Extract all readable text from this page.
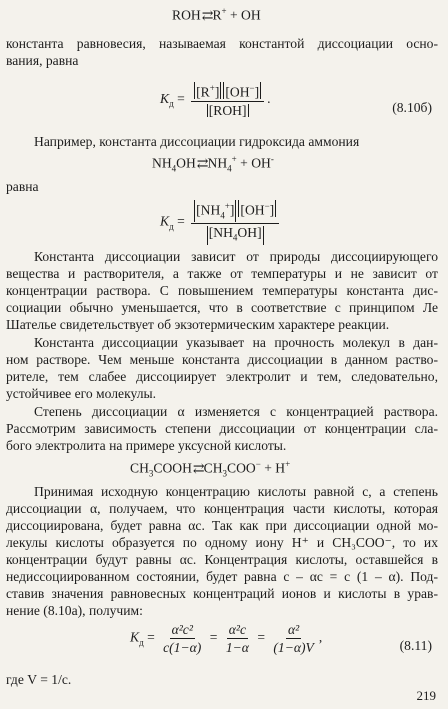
ROH⇄R+ + OH
константа равновесия, называемая константой диссоциации осно-
вания, равна
$K_д = \frac{[R^+] [OH^-]}{\text{[ROH]}}$ .
(8.10б)
Например, константа диссоциации гидроксида аммония
$NH_4OH⇄NH_4^+ + OH^-$
равна
$K_д = \frac{[NH_4^+] [OH^-]}{[NH_4OH]}$
Константа диссоциации зависит от природы диссоциирующего
вещества и растворителя, а также от температуры и не зависит от
концентрации раствора. С повышением температуры константа дис-
социации обычно уменьшается, что в соответствие с принципом Ле
Шателье свидетельствует об экзотермическим характере реакции.
Константа диссоциации указывает на прочность молекул в дан-
ном растворе. Чем меньше константа диссоциации в данном раство-
рителе, тем слабее диссоциирует электролит и тем, следовательно,
устойчивее его молекулы.
Степень диссоциации α изменяется с концентрацией раствора.
Рассмотрим зависимость степени диссоциации от концентрации сла-
бого электролита на примере уксусной кислоты.
$CH_3COOH⇄CH_3COO^- + H^+$
Принимая исходную концентрацию кислоты равной c, а степень
диссоциации α, получаем, что концентрация части кислоты, которая
диссоциирована, будет равна αc. Так как при диссоциации одной мо-
лекулы кислоты образуется по одному иону H⁺ и CH₃COO⁻, то их
концентрации будут равны αc. Концентрация кислоты, оставшейся в
недиссоциированном состоянии, будет равна c – αc = c (1 – α). Под-
ставив значения равновесных концентраций ионов и кислоты в урав-
нение (8.10а), получим:
$K_д = \frac{\text{α²c²}}{c(1-\alpha)} = \frac{\text{α²c}}{1-\alpha} = \frac{\text{α²}}{(1-\alpha)V}$ ,
(8.11)
где V = 1/c.
219
